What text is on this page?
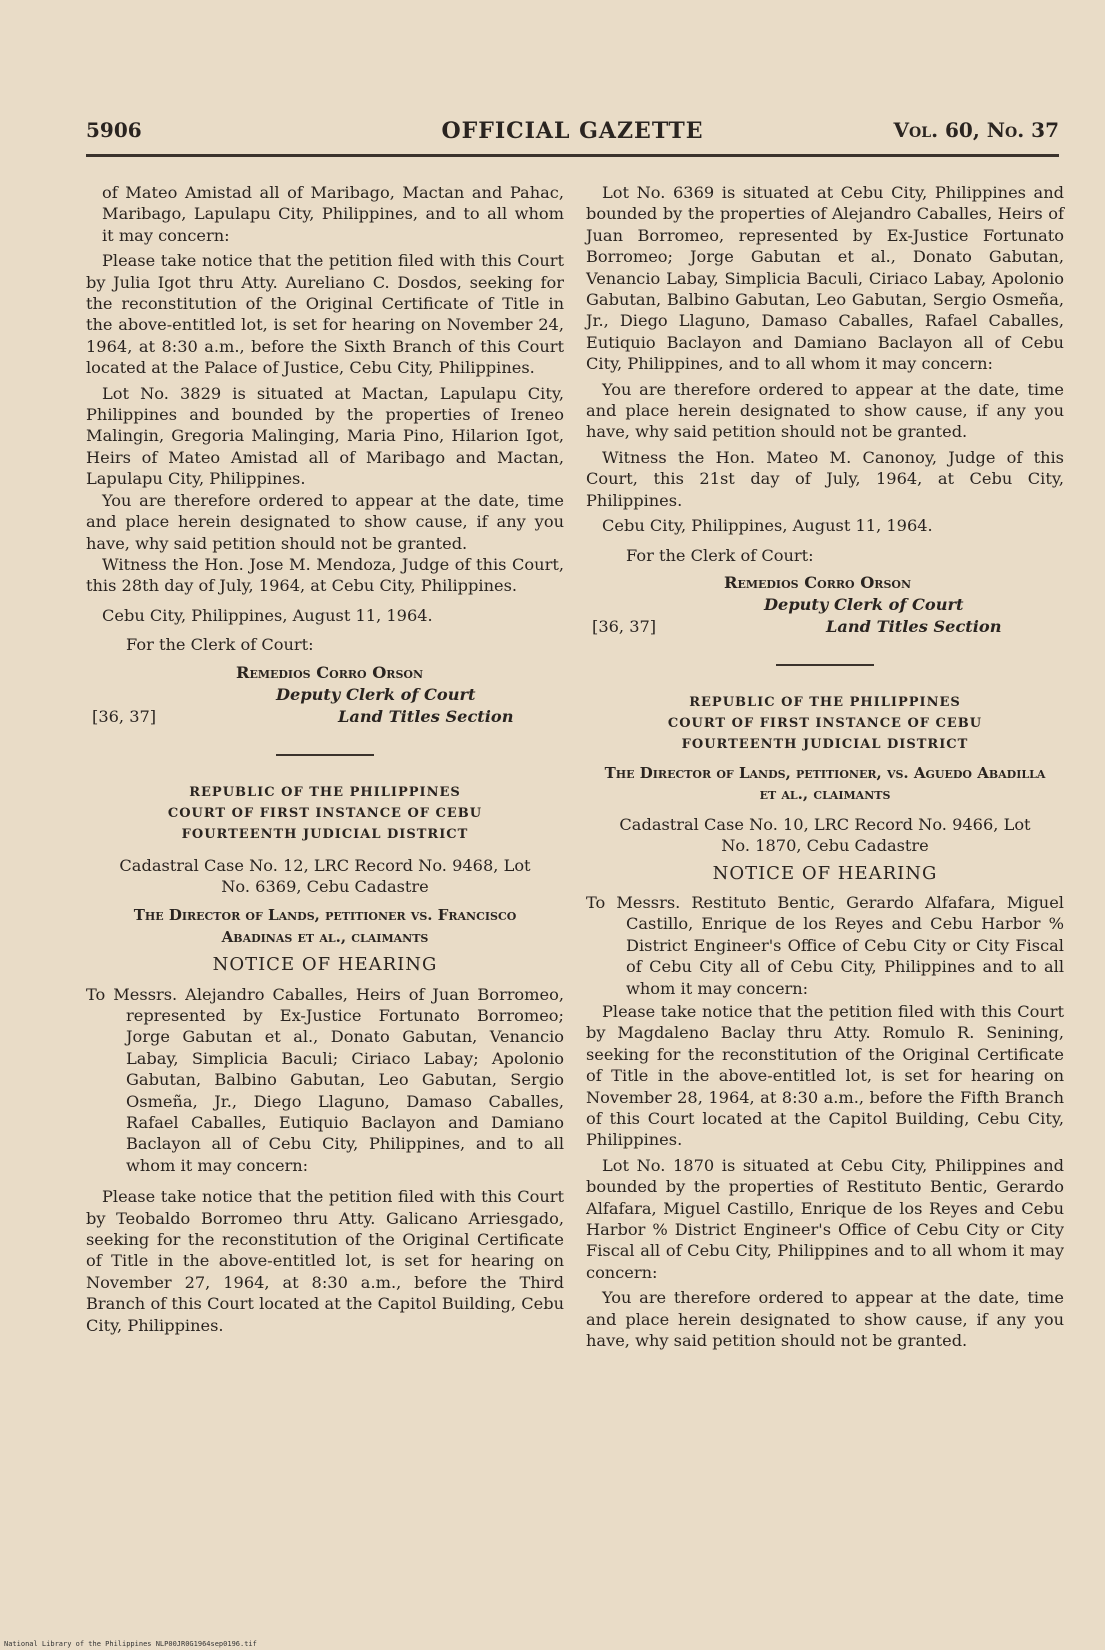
5906	OFFICIAL GAZETTE	Vol. 60, No. 37

of Mateo Amistad all of Maribago, Mactan and Pahac, Maribago, Lapulapu City, Philippines, and to all whom it may concern:

Please take notice that the petition filed with this Court by Julia Igot thru Atty. Aureliano C. Dosdos, seeking for the reconstitution of the Original Certificate of Title in the above-entitled lot, is set for hearing on November 24, 1964, at 8:30 a.m., before the Sixth Branch of this Court located at the Palace of Justice, Cebu City, Philippines.

Lot No. 3829 is situated at Mactan, Lapulapu City, Philippines and bounded by the properties of Ireneo Malingin, Gregoria Malinging, Maria Pino, Hilarion Igot, Heirs of Mateo Amistad all of Maribago and Mactan, Lapulapu City, Philippines.

You are therefore ordered to appear at the date, time and place herein designated to show cause, if any you have, why said petition should not be granted.

Witness the Hon. Jose M. Mendoza, Judge of this Court, this 28th day of July, 1964, at Cebu City, Philippines.

Cebu City, Philippines, August 11, 1964.

For the Clerk of Court:

Remedios Corro Orson
Deputy Clerk of Court
[36, 37]	Land Titles Section

REPUBLIC OF THE PHILIPPINES

COURT OF FIRST INSTANCE OF CEBU

FOURTEENTH JUDICIAL DISTRICT

Cadastral Case No. 12, LRC Record No. 9468, Lot No. 6369, Cebu Cadastre

The Director of Lands, petitioner vs. Francisco Abadinas et al., claimants

NOTICE OF HEARING

To Messrs. Alejandro Caballes, Heirs of Juan Borromeo, represented by Ex-Justice Fortunato Borromeo; Jorge Gabutan et al., Donato Gabutan, Venancio Labay, Simplicia Baculi; Ciriaco Labay; Apolonio Gabutan, Balbino Gabutan, Leo Gabutan, Sergio Osmeña, Jr., Diego Llaguno, Damaso Caballes, Rafael Caballes, Eutiquio Baclayon and Damiano Baclayon all of Cebu City, Philippines, and to all whom it may concern:

Please take notice that the petition filed with this Court by Teobaldo Borromeo thru Atty. Galicano Arriesgado, seeking for the reconstitution of the Original Certificate of Title in the above-entitled lot, is set for hearing on November 27, 1964, at 8:30 a.m., before the Third Branch of this Court located at the Capitol Building, Cebu City, Philippines.

Lot No. 6369 is situated at Cebu City, Philippines and bounded by the properties of Alejandro Caballes, Heirs of Juan Borromeo, represented by Ex-Justice Fortunato Borromeo; Jorge Gabutan et al., Donato Gabutan, Venancio Labay, Simplicia Baculi, Ciriaco Labay, Apolonio Gabutan, Balbino Gabutan, Leo Gabutan, Sergio Osmeña, Jr., Diego Llaguno, Damaso Caballes, Rafael Caballes, Eutiquio Baclayon and Damiano Baclayon all of Cebu City, Philippines, and to all whom it may concern:

You are therefore ordered to appear at the date, time and place herein designated to show cause, if any you have, why said petition should not be granted.

Witness the Hon. Mateo M. Canonoy, Judge of this Court, this 21st day of July, 1964, at Cebu City, Philippines.

Cebu City, Philippines, August 11, 1964.

For the Clerk of Court:

Remedios Corro Orson
Deputy Clerk of Court
[36, 37]	Land Titles Section

REPUBLIC OF THE PHILIPPINES

COURT OF FIRST INSTANCE OF CEBU

FOURTEENTH JUDICIAL DISTRICT

The Director of Lands, petitioner, vs. Aguedo Abadilla et al., claimants

Cadastral Case No. 10, LRC Record No. 9466, Lot No. 1870, Cebu Cadastre

NOTICE OF HEARING

To Messrs. Restituto Bentic, Gerardo Alfafara, Miguel Castillo, Enrique de los Reyes and Cebu Harbor % District Engineer's Office of Cebu City or City Fiscal of Cebu City all of Cebu City, Philippines and to all whom it may concern:

Please take notice that the petition filed with this Court by Magdaleno Baclay thru Atty. Romulo R. Senining, seeking for the reconstitution of the Original Certificate of Title in the above-entitled lot, is set for hearing on November 28, 1964, at 8:30 a.m., before the Fifth Branch of this Court located at the Capitol Building, Cebu City, Philippines.

Lot No. 1870 is situated at Cebu City, Philippines and bounded by the properties of Restituto Bentic, Gerardo Alfafara, Miguel Castillo, Enrique de los Reyes and Cebu Harbor % District Engineer's Office of Cebu City or City Fiscal all of Cebu City, Philippines and to all whom it may concern:

You are therefore ordered to appear at the date, time and place herein designated to show cause, if any you have, why said petition should not be granted.

National Library of the Philippines NLP00JR0G1964sep0196.tif
